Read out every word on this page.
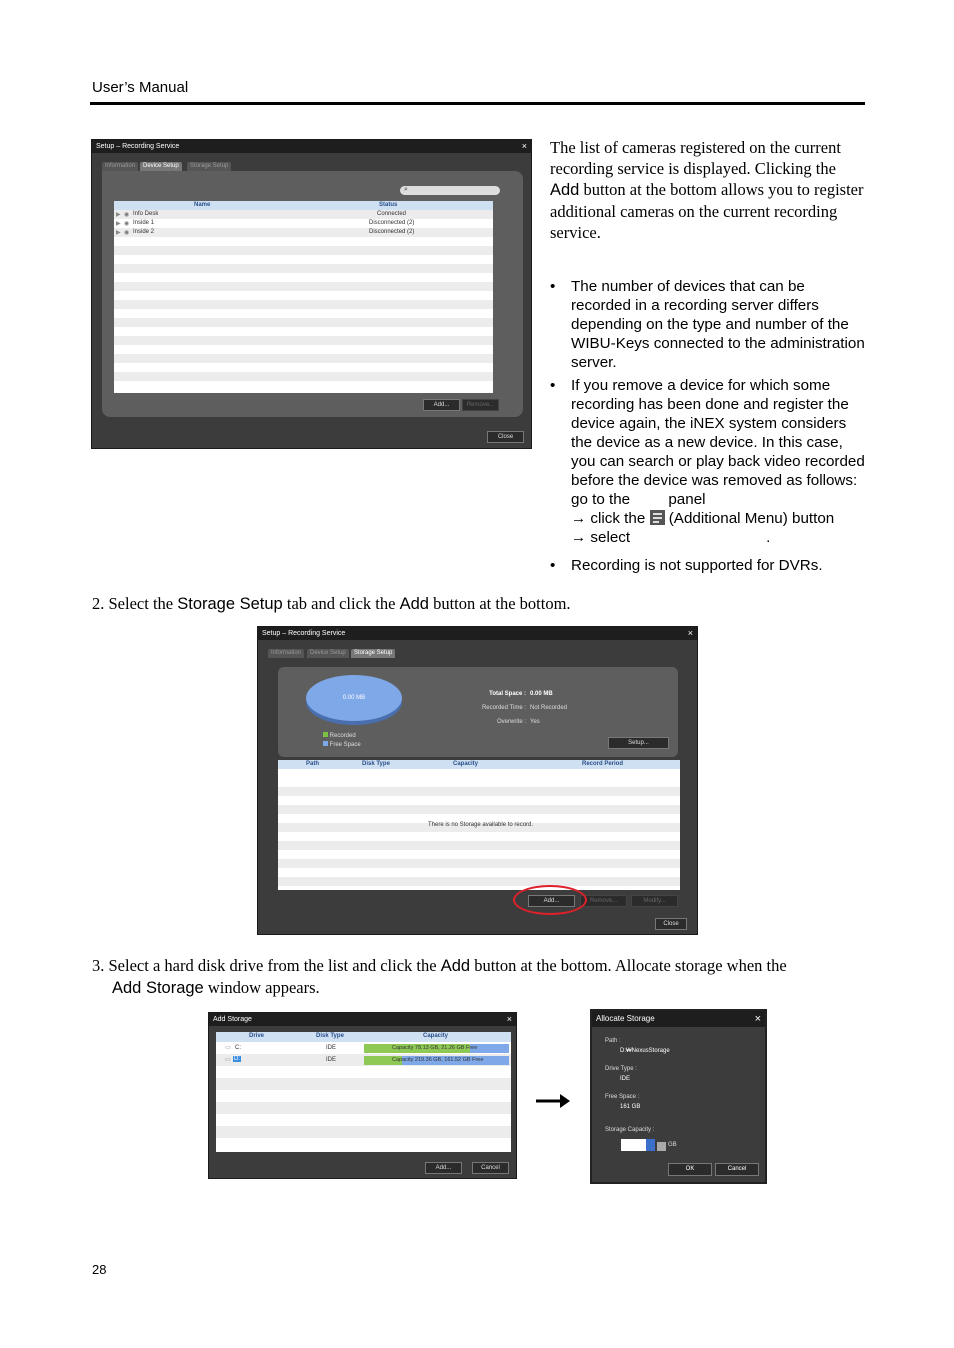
User’s Manual
Setup – Recording Service	×
Information	Device Setup	Storage Setup
⌕
Name	Status
▶ ◉ Info Desk	Connected
▶ ◉ Inside 1	Disconnected (2)
▶ ◉ Inside 2	Disconnected (2)
Add...	Remove...
Close
The list of cameras registered on the current recording service is displayed. Clicking the Add button at the bottom allows you to register additional cameras on the current recording service.
• The number of devices that can be recorded in a recording server differs depending on the type and number of the WIBU-Keys connected to the administration server.
• If you remove a device for which some recording has been done and register the device again, the iNEX system considers the device as a new device. In this case, you can search or play back video recorded before the device was removed as follows: go to the	panel
→ click the (Additional Menu) button
→ select	.
• Recording is not supported for DVRs.
2. Select the Storage Setup tab and click the Add button at the bottom.
Setup – Recording Service	×
Information	Device Setup	Storage Setup
0.00 MB
Recorded
Free Space
Total Space : 0.00 MB
Recorded Time : Not Recorded
Overwrite : Yes
Setup...
Path	Disk Type	Capacity	Record Period
There is no Storage available to record.
Add...	Remove...	Modify...
Close
3. Select a hard disk drive from the list and click the Add button at the bottom. Allocate storage when the
Add Storage window appears.
Add Storage	×
Drive	Disk Type	Capacity
▭ C:	IDE	Capacity 78.13 GB, 21.26 GB Free
▭ D:	IDE	Capacity 219.36 GB, 161.52 GB Free
Add...	Cancel
Allocate Storage	×
Path :
D:₩NexusStorage
Drive Type :
IDE
Free Space :
161 GB
Storage Capacity :
GB
OK	Cancel
28
